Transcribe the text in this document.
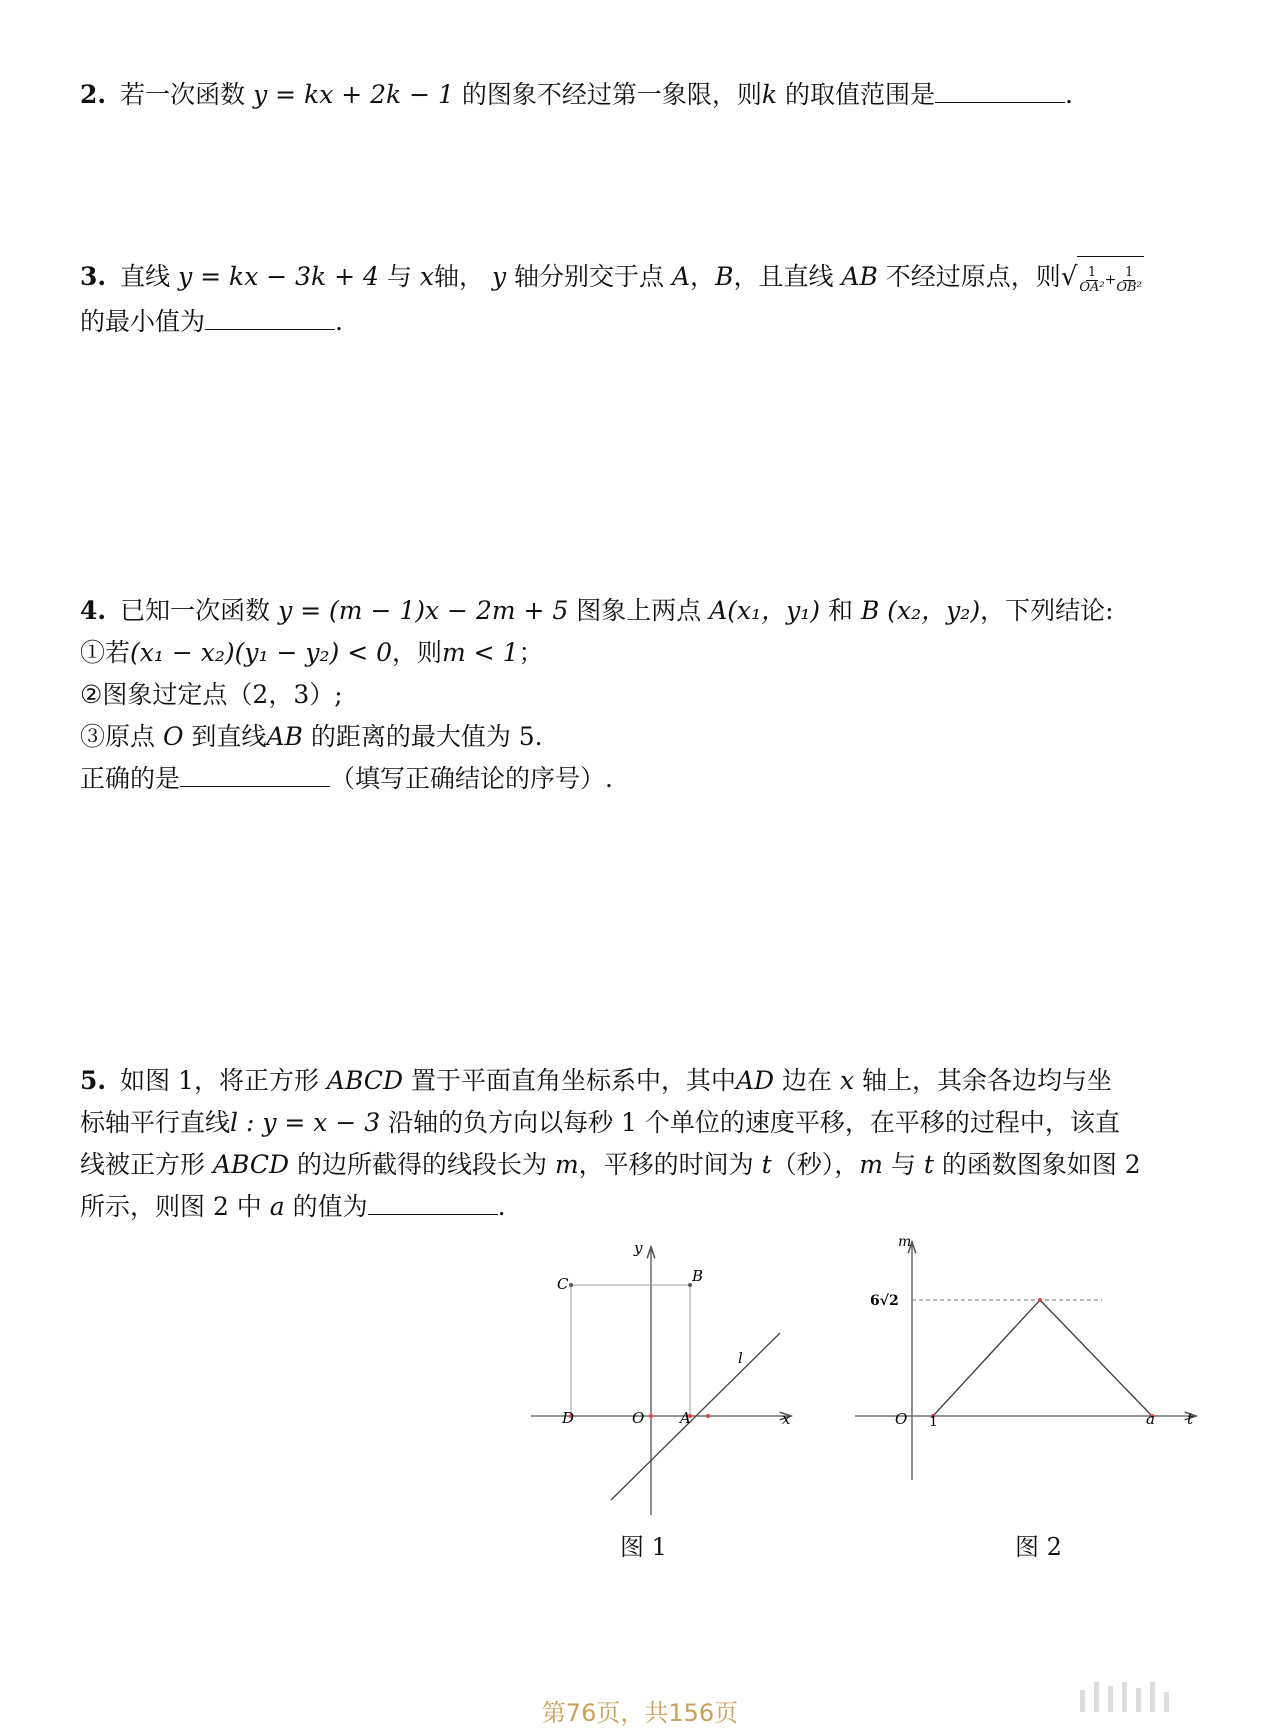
2. 若一次函数 y = kx + 2k − 1 的图象不经过第一象限，则k 的取值范围是	.
3. 直线 y = kx − 3k + 4 与 x轴， y 轴分别交于点 A，B，且直线 AB 不经过原点，则√ $\frac{1}{\text{OA²}} + \frac{1}{\text{OB²}}$

的最小值为	.
4. 已知一次函数 y = (m − 1)x − 2m + 5 图象上两点 A(x₁，y₁) 和 B (x₂，y₂)，下列结论:
①若(x₁ − x₂)(y₁ − y₂) < 0，则m < 1；
②图象过定点（2，3）;
③原点 O 到直线AB 的距离的最大值为 5.
正确的是	（填写正确结论的序号）.
5. 如图 1，将正方形 ABCD 置于平面直角坐标系中，其中AD 边在 x 轴上，其余各边均与坐
标轴平行直线l : y = x − 3 沿轴的负方向以每秒 1 个单位的速度平移，在平移的过程中，该直
线被正方形 ABCD 的边所截得的线段长为 m，平移的时间为 t（秒），m 与 t 的函数图象如图 2
所示，则图 2 中 a 的值为	.
y
x
C	B
D	O A
l
m
t
O 1	a
6√2
图 1	图 2
第76页，共156页
